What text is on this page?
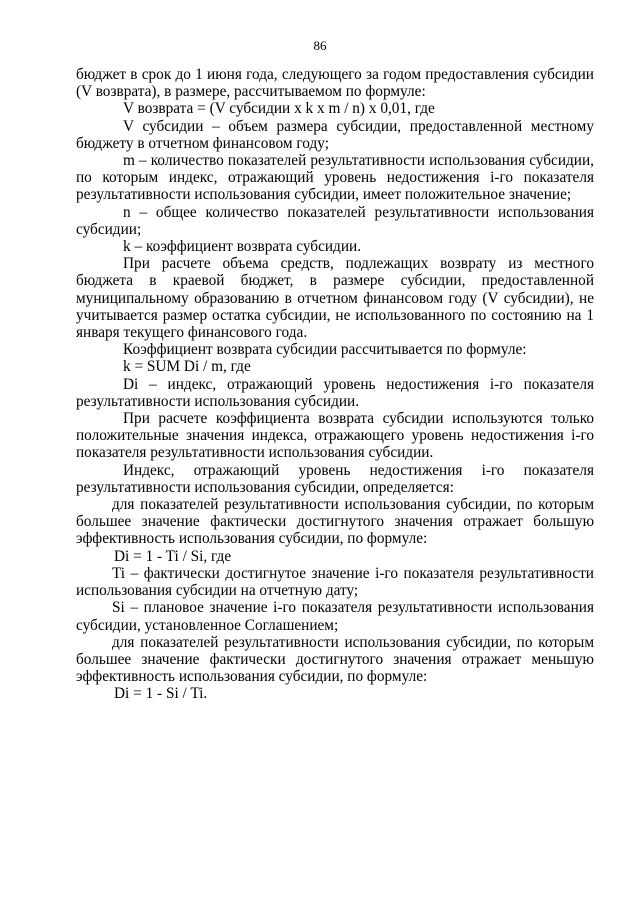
86

бюджет в срок до 1 июня года, следующего за годом предоставления субсидии (V возврата), в размере, рассчитываемом по формуле:

V возврата = (V субсидии x k x m / n) x 0,01, где

V субсидии – объем размера субсидии, предоставленной местному бюджету в отчетном финансовом году;

m – количество показателей результативности использования субсидии, по которым индекс, отражающий уровень недостижения i-го показателя результативности использования субсидии, имеет положительное значение;

n – общее количество показателей результативности использования субсидии;

k – коэффициент возврата субсидии.

При расчете объема средств, подлежащих возврату из местного бюджета в краевой бюджет, в размере субсидии, предоставленной муниципальному образованию в отчетном финансовом году (V субсидии), не учитывается размер остатка субсидии, не использованного по состоянию на 1 января текущего финансового года.

Коэффициент возврата субсидии рассчитывается по формуле:

k = SUM Di / m, где

Di – индекс, отражающий уровень недостижения i-го показателя результативности использования субсидии.

При расчете коэффициента возврата субсидии используются только положительные значения индекса, отражающего уровень недостижения i-го показателя результативности использования субсидии.

Индекс, отражающий уровень недостижения i-го показателя результативности использования субсидии, определяется:

для показателей результативности использования субсидии, по которым большее значение фактически достигнутого значения отражает большую эффективность использования субсидии, по формуле:

Di = 1 - Ti / Si, где

Ti – фактически достигнутое значение i-го показателя результативности использования субсидии на отчетную дату;

Si – плановое значение i-го показателя результативности использования субсидии, установленное Соглашением;

для показателей результативности использования субсидии, по которым большее значение фактически достигнутого значения отражает меньшую эффективность использования субсидии, по формуле:

Di = 1 - Si / Ti.
